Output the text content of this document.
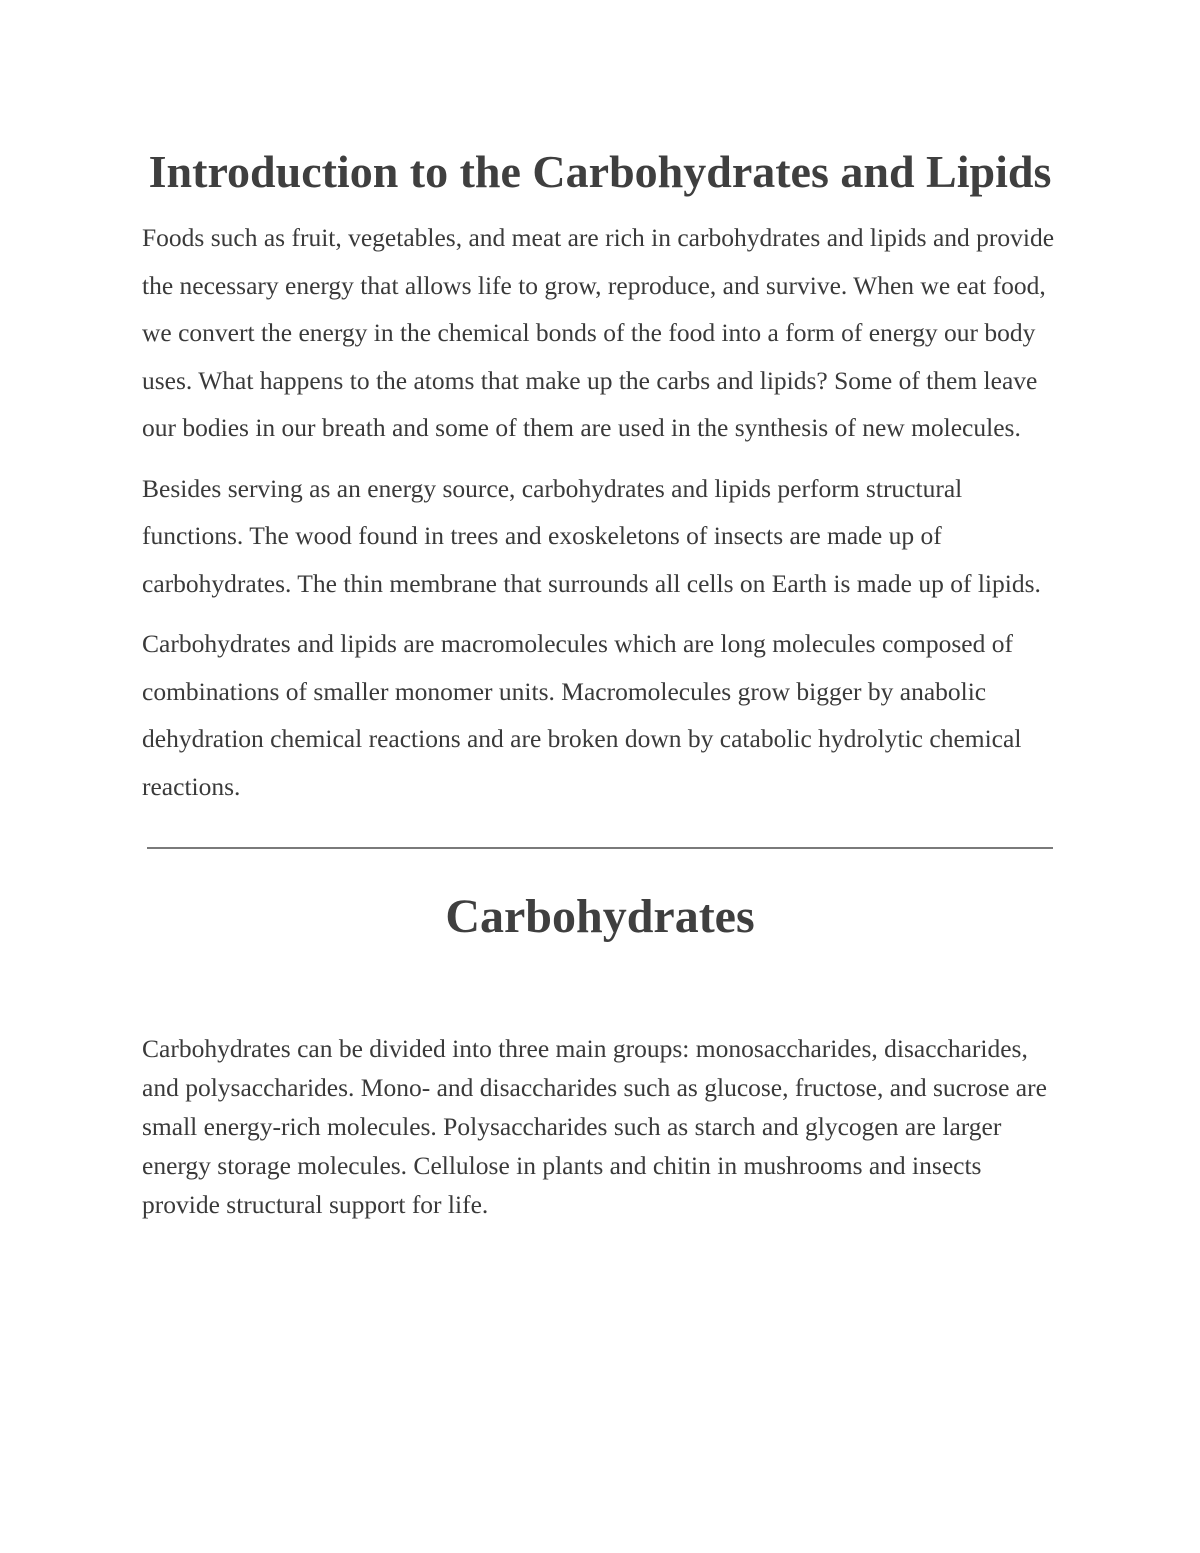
Introduction to the Carbohydrates and Lipids

Foods such as fruit, vegetables, and meat are rich in carbohydrates and lipids and provide the necessary energy that allows life to grow, reproduce, and survive. When we eat food, we convert the energy in the chemical bonds of the food into a form of energy our body uses. What happens to the atoms that make up the carbs and lipids? Some of them leave our bodies in our breath and some of them are used in the synthesis of new molecules.

Besides serving as an energy source, carbohydrates and lipids perform structural functions. The wood found in trees and exoskeletons of insects are made up of carbohydrates. The thin membrane that surrounds all cells on Earth is made up of lipids.

Carbohydrates and lipids are macromolecules which are long molecules composed of combinations of smaller monomer units. Macromolecules grow bigger by anabolic dehydration chemical reactions and are broken down by catabolic hydrolytic chemical reactions.

Carbohydrates

Carbohydrates can be divided into three main groups: monosaccharides, disaccharides, and polysaccharides. Mono- and disaccharides such as glucose, fructose, and sucrose are small energy-rich molecules. Polysaccharides such as starch and glycogen are larger energy storage molecules. Cellulose in plants and chitin in mushrooms and insects provide structural support for life.
